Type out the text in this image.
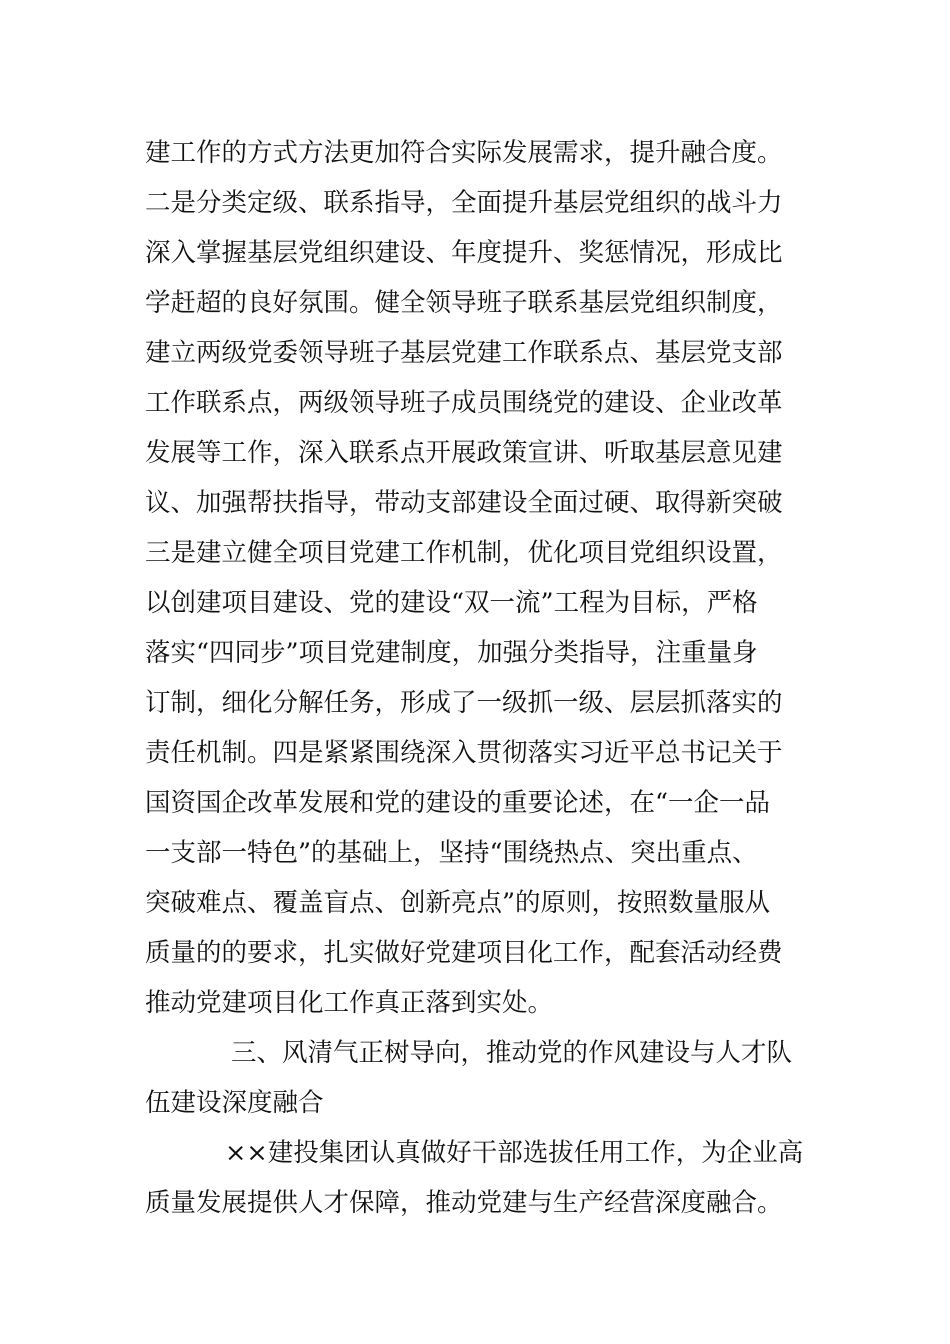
建工作的方式方法更加符合实际发展需求，提升融合度。
二是分类定级、联系指导，全面提升基层党组织的战斗力
深入掌握基层党组织建设、年度提升、奖惩情况，形成比
学赶超的良好氛围。健全领导班子联系基层党组织制度，
建立两级党委领导班子基层党建工作联系点、基层党支部
工作联系点，两级领导班子成员围绕党的建设、企业改革
发展等工作，深入联系点开展政策宣讲、听取基层意见建
议、加强帮扶指导，带动支部建设全面过硬、取得新突破
三是建立健全项目党建工作机制，优化项目党组织设置，
以创建项目建设、党的建设“双一流”工程为目标，严格
落实“四同步”项目党建制度，加强分类指导，注重量身
订制，细化分解任务，形成了一级抓一级、层层抓落实的
责任机制。四是紧紧围绕深入贯彻落实习近平总书记关于
国资国企改革发展和党的建设的重要论述，在“一企一品
一支部一特色”的基础上，坚持“围绕热点、突出重点、
突破难点、覆盖盲点、创新亮点”的原则，按照数量服从
质量的的要求，扎实做好党建项目化工作，配套活动经费
推动党建项目化工作真正落到实处。
三、风清气正树导向，推动党的作风建设与人才队
伍建设深度融合
××建投集团认真做好干部选拔任用工作，为企业高
质量发展提供人才保障，推动党建与生产经营深度融合。
